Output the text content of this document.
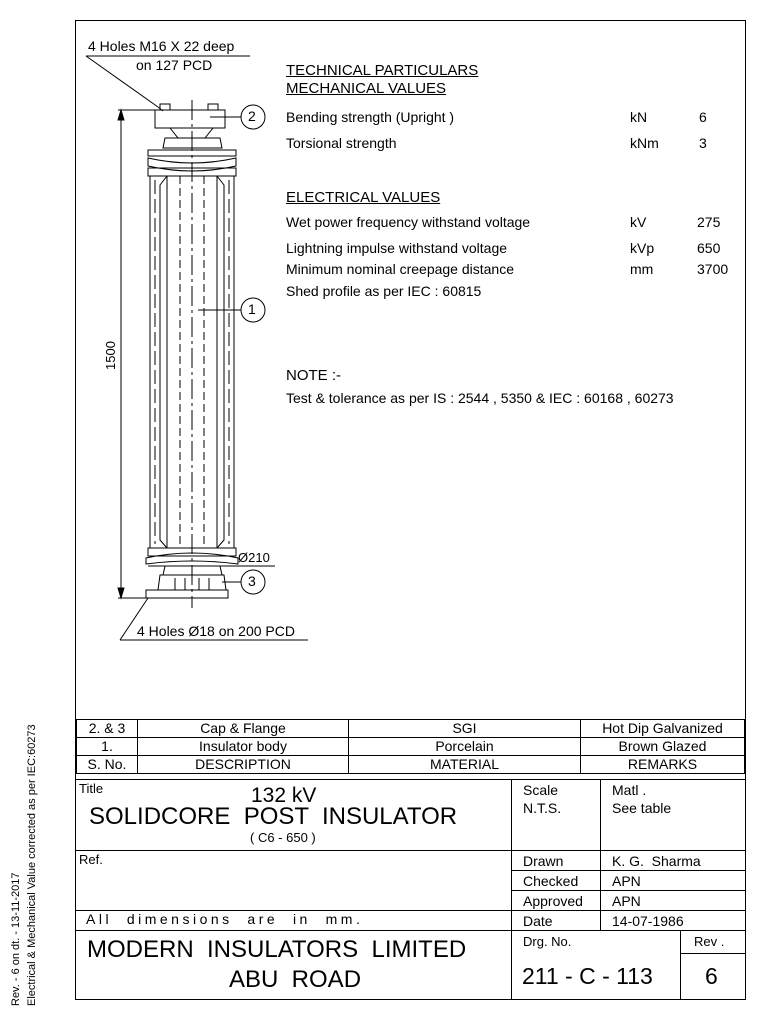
Rev. - 6 on dt. - 13-11-2017 Electrical & Mechanical Value corrected as per IEC:60273
4 Holes M16 X 22 deep
on 127 PCD
4 Holes Ø18 on 200 PCD
1500
Ø210
2
1
3
TECHNICAL PARTICULARS
MECHANICAL VALUES
Bending strength (Upright )	kN	6
Torsional strength	kNm	3
ELECTRICAL VALUES
Wet power frequency withstand voltage	kV	275
Lightning impulse withstand voltage	kVp	650
Minimum nominal creepage distance	mm	3700
Shed profile as per IEC : 60815
NOTE :-
Test & tolerance as per IS : 2544 , 5350 & IEC : 60168 , 60273
2. & 3	Cap & Flange	SGI	Hot Dip Galvanized
1.	Insulator body	Porcelain	Brown Glazed
S. No.	DESCRIPTION	MATERIAL	REMARKS
Title	132 kV
SOLIDCORE  POST  INSULATOR
( C6 - 650 )
Scale
N.T.S.
Matl .
See table
Ref.
All  dimensions  are  in  mm.
Drawn	K. G.  Sharma
Checked APN
Approved APN
Date	14-07-1986
MODERN  INSULATORS  LIMITED
ABU  ROAD
Drg. No.
211 - C - 113
Rev .
6
